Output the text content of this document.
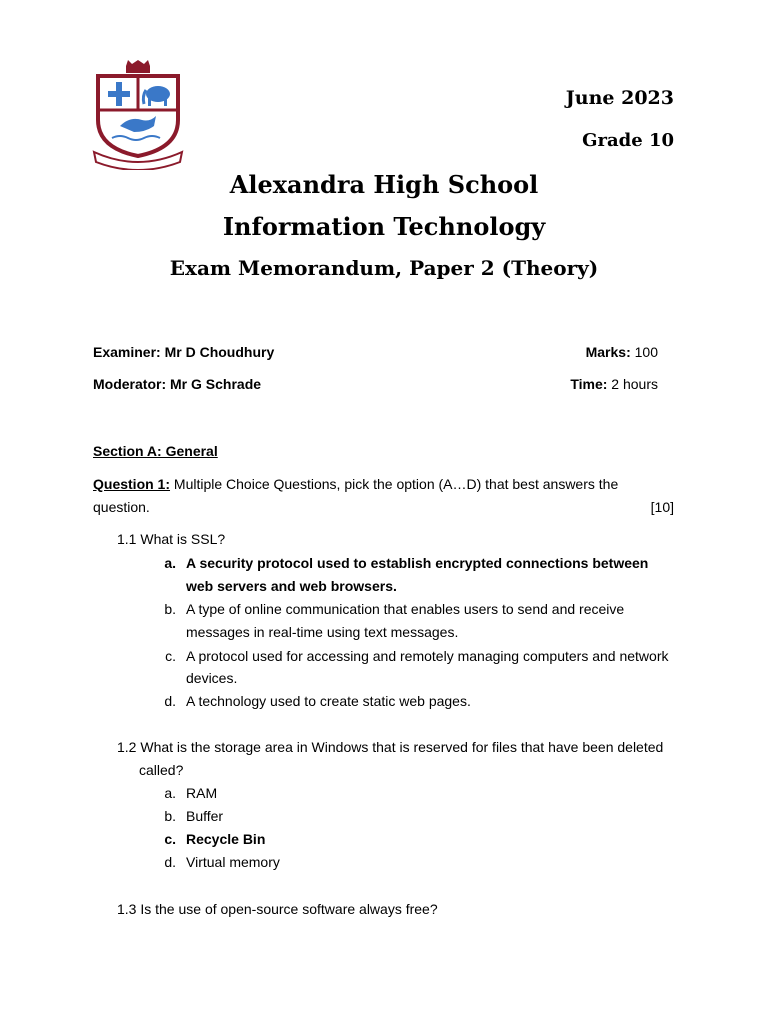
June 2023
Grade 10
Alexandra High School
Information Technology
Exam Memorandum, Paper 2 (Theory)
Examiner: Mr D Choudhury	Marks: 100
Moderator: Mr G Schrade	Time: 2 hours
Section A: General
Question 1: Multiple Choice Questions, pick the option (A…D) that best answers the
question.	[10]
1.1 What is SSL?
a. A security protocol used to establish encrypted connections between
web servers and web browsers.
b. A type of online communication that enables users to send and receive
messages in real-time using text messages.
c. A protocol used for accessing and remotely managing computers and network
devices.
d. A technology used to create static web pages.
1.2 What is the storage area in Windows that is reserved for files that have been deleted
called?
a. RAM
b. Buffer
c. Recycle Bin
d. Virtual memory
1.3 Is the use of open-source software always free?
